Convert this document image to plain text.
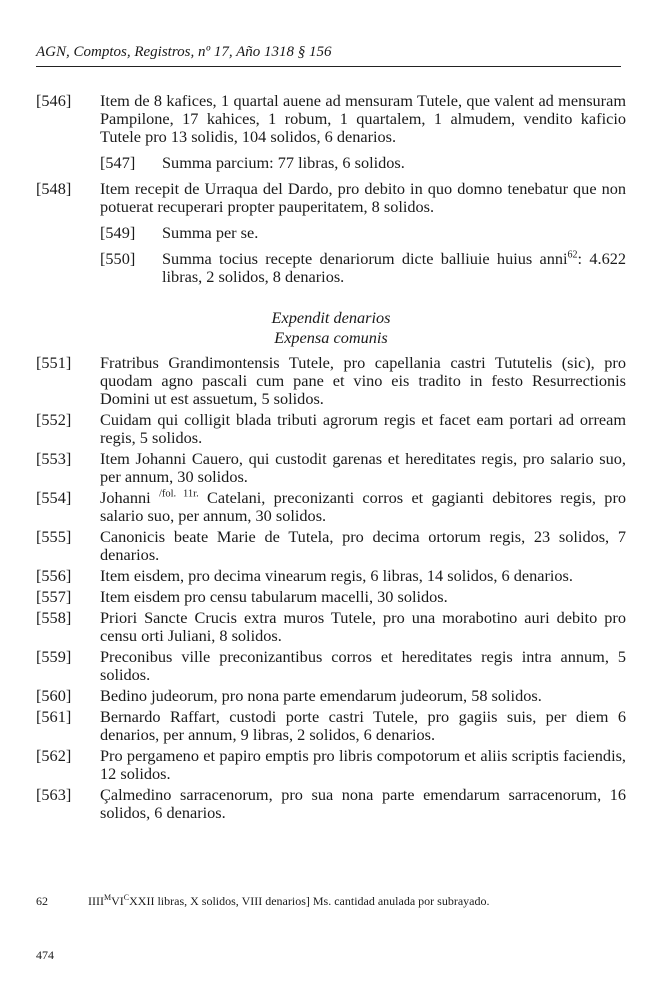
AGN, Comptos, Registros, nº 17, Año 1318 § 156
[546]	Item de 8 kafices, 1 quartal auene ad mensuram Tutele, que valent ad mensuram Pampilone, 17 kahices, 1 robum, 1 quartalem, 1 almudem, vendito kaficio Tutele pro 13 solidis, 104 solidos, 6 denarios.
[547]	Summa parcium: 77 libras, 6 solidos.
[548]	Item recepit de Urraqua del Dardo, pro debito in quo domno tenebatur que non potuerat recuperari propter pauperitatem, 8 solidos.
[549]	Summa per se.
[550]	Summa tocius recepte denariorum dicte balliuie huius anni$^{62}$: 4.622 libras, 2 solidos, 8 denarios.

Expendit denarios

Expensa comunis

[551]	Fratribus Grandimontensis Tutele, pro capellania castri Tututelis (sic), pro quodam agno pascali cum pane et vino eis tradito in festo Resurrectionis Domini ut est assuetum, 5 solidos.
[552]	Cuidam qui colligit blada tributi agrorum regis et facet eam portari ad orream regis, 5 solidos.
[553]	Item Johanni Cauero, qui custodit garenas et hereditates regis, pro salario suo, per annum, 30 solidos.
[554]	Johanni $^{/fol. 11r.}$ Catelani, preconizanti corros et gagianti debitores regis, pro salario suo, per annum, 30 solidos.
[555]	Canonicis beate Marie de Tutela, pro decima ortorum regis, 23 solidos, 7 denarios.
[556]	Item eisdem, pro decima vinearum regis, 6 libras, 14 solidos, 6 denarios.
[557]	Item eisdem pro censu tabularum macelli, 30 solidos.
[558]	Priori Sancte Crucis extra muros Tutele, pro una morabotino auri debito pro censu orti Juliani, 8 solidos.
[559]	Preconibus ville preconizantibus corros et hereditates regis intra annum, 5 solidos.
[560]	Bedino judeorum, pro nona parte emendarum judeorum, 58 solidos.
[561]	Bernardo Raffart, custodi porte castri Tutele, pro gagiis suis, per diem 6 denarios, per annum, 9 libras, 2 solidos, 6 denarios.
[562]	Pro pergameno et papiro emptis pro libris compotorum et aliis scriptis faciendis, 12 solidos.
[563]	Çalmedino sarracenorum, pro sua nona parte emendarum sarracenorum, 16 solidos, 6 denarios.
62	$IIII^MVI^CXXII$ libras, X solidos, VIII denarios] Ms. cantidad anulada por subrayado.
474
